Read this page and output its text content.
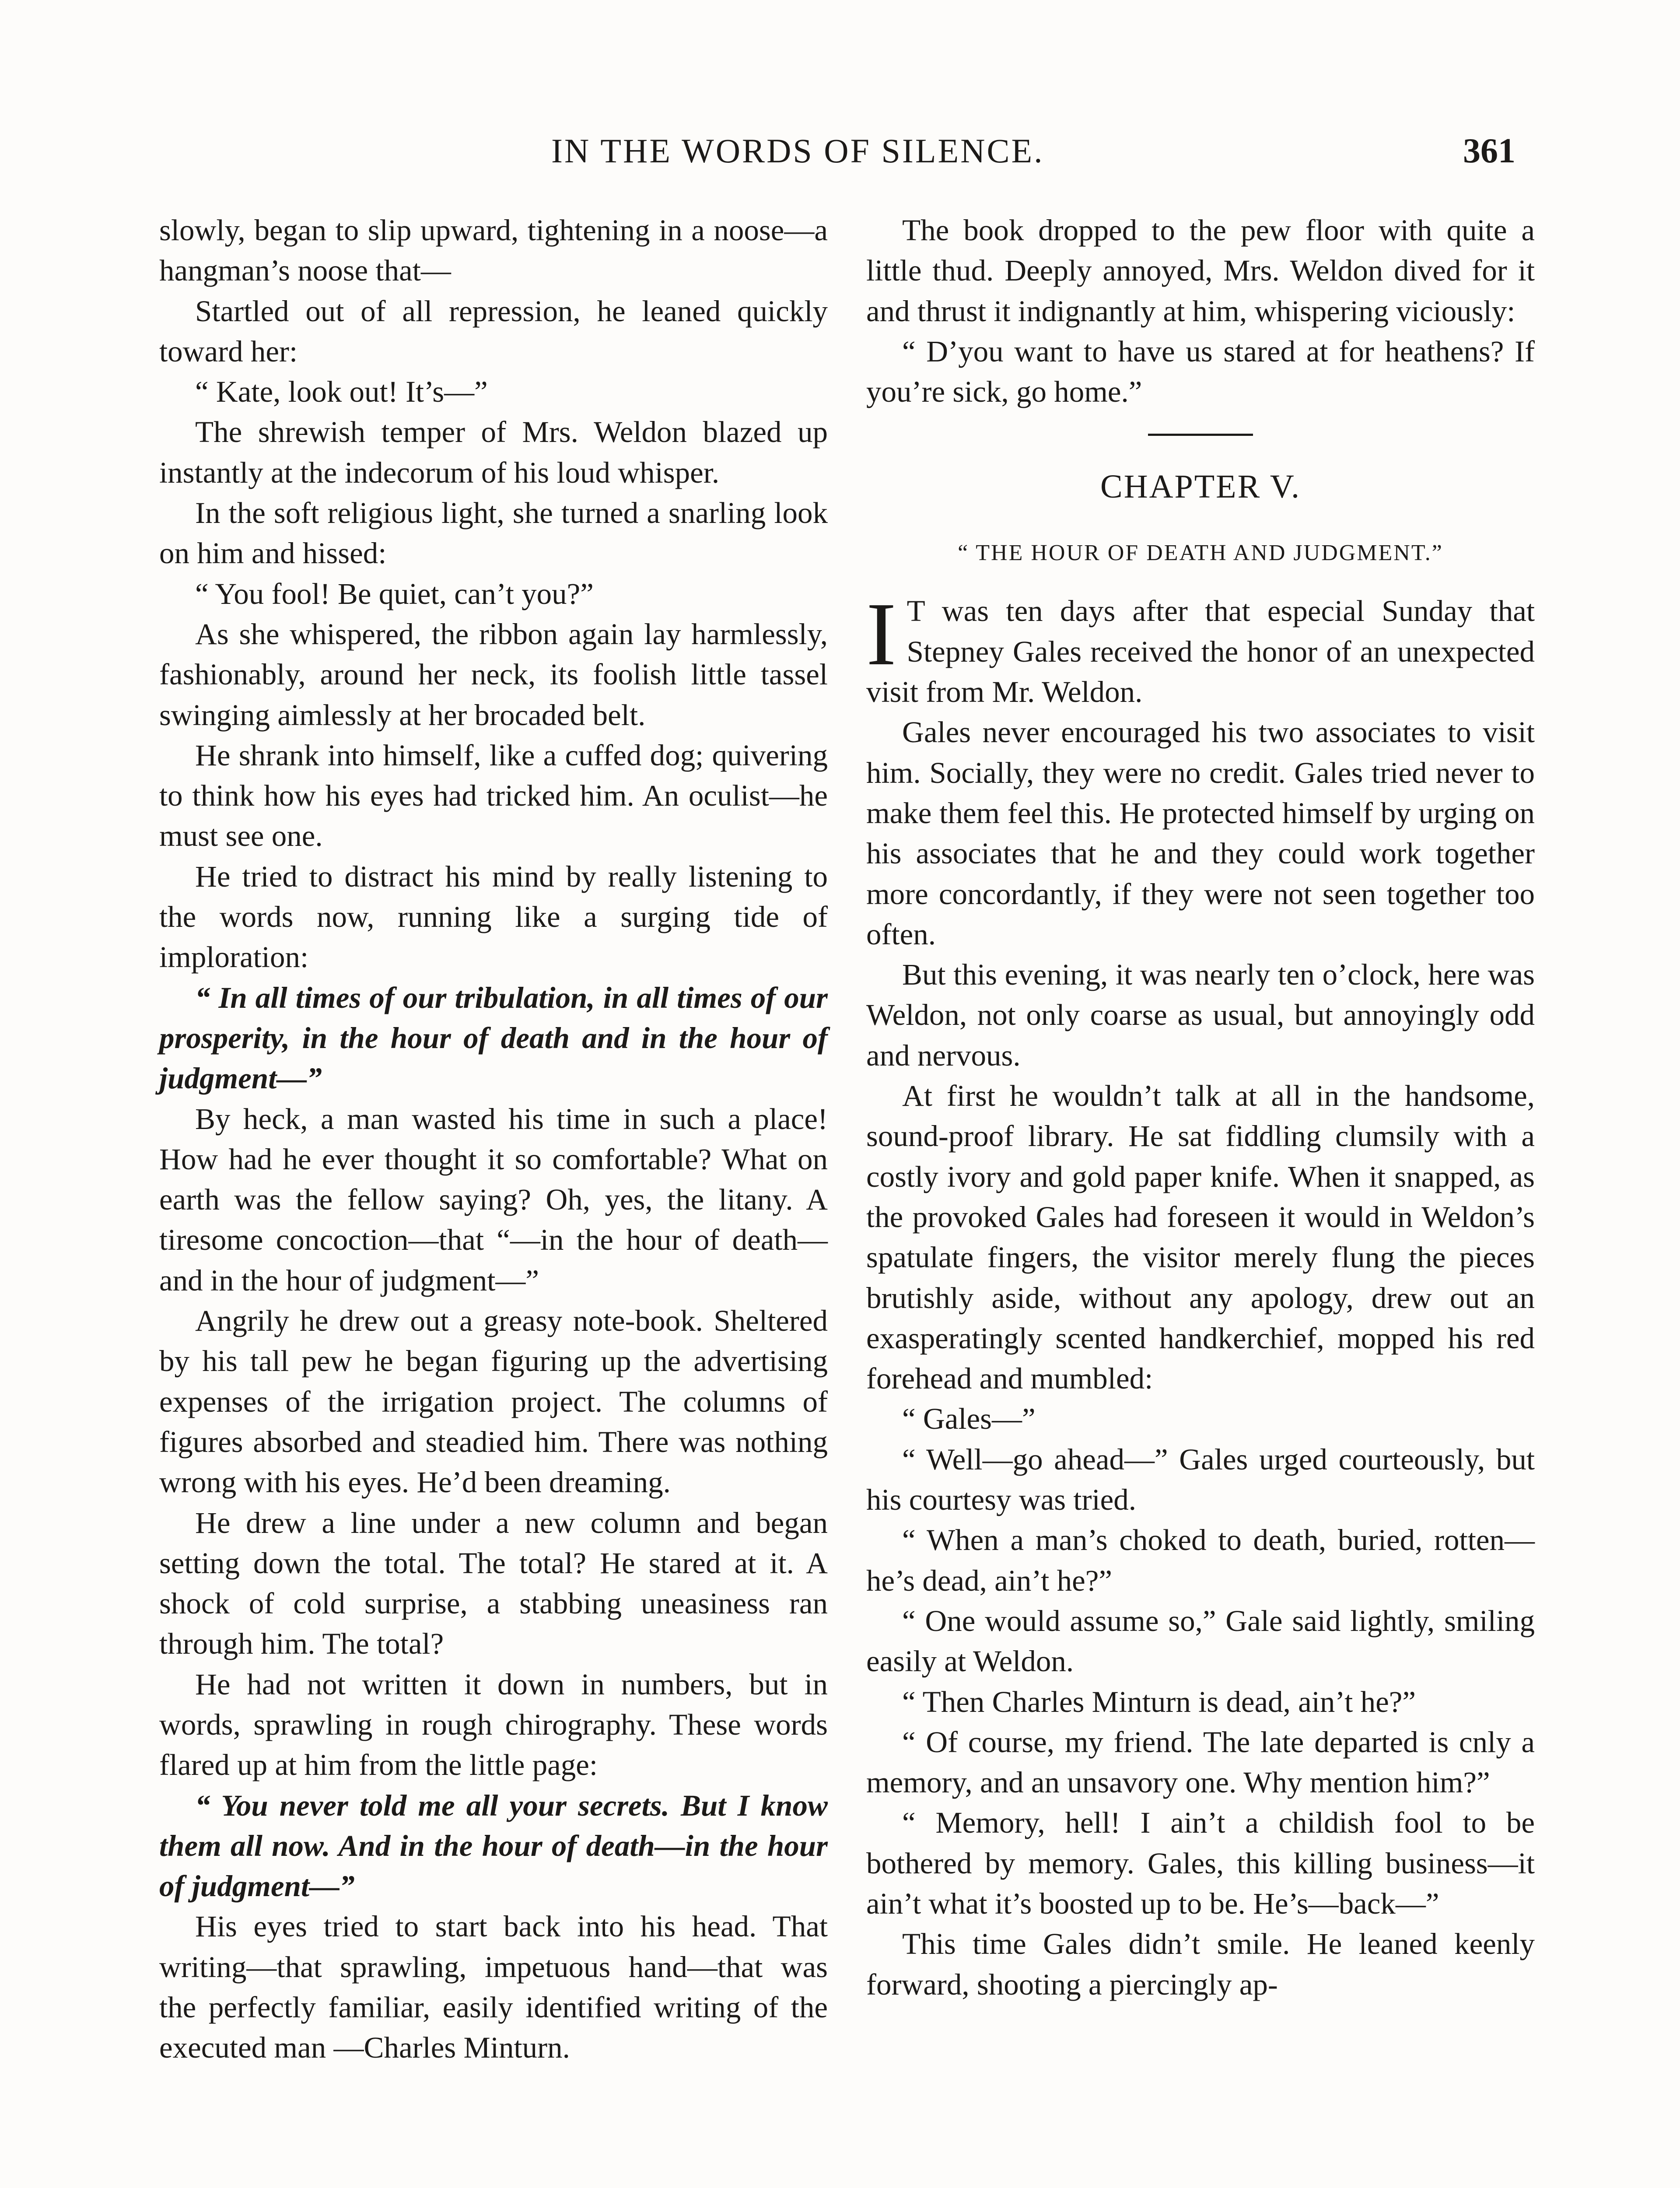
IN THE WORDS OF SILENCE.	361

slowly, began to slip upward, tightening in a noose—a hangman’s noose that—

Startled out of all repression, he leaned quickly toward her:

“ Kate, look out! It’s—”

The shrewish temper of Mrs. Weldon blazed up instantly at the indecorum of his loud whisper.

In the soft religious light, she turned a snarling look on him and hissed:

“ You fool! Be quiet, can’t you?”

As she whispered, the ribbon again lay harmlessly, fashionably, around her neck, its foolish little tassel swinging aimlessly at her brocaded belt.

He shrank into himself, like a cuffed dog; quivering to think how his eyes had tricked him. An oculist—he must see one.

He tried to distract his mind by really listening to the words now, running like a surging tide of imploration:

“ In all times of our tribulation, in all times of our prosperity, in the hour of death and in the hour of judgment—”

By heck, a man wasted his time in such a place! How had he ever thought it so comfortable? What on earth was the fellow saying? Oh, yes, the litany. A tiresome concoction—that “—in the hour of death—and in the hour of judgment—”

Angrily he drew out a greasy note-book. Sheltered by his tall pew he began figuring up the advertising expenses of the irrigation project. The columns of figures absorbed and steadied him. There was nothing wrong with his eyes. He’d been dreaming.

He drew a line under a new column and began setting down the total. The total? He stared at it. A shock of cold surprise, a stabbing uneasiness ran through him. The total?

He had not written it down in numbers, but in words, sprawling in rough chirography. These words flared up at him from the little page:

“ You never told me all your secrets. But I know them all now. And in the hour of death—in the hour of judgment—”

His eyes tried to start back into his head. That writing—that sprawling, impetuous hand—that was the perfectly familiar, easily identified writing of the executed man —Charles Minturn.

The book dropped to the pew floor with quite a little thud. Deeply annoyed, Mrs. Weldon dived for it and thrust it indignantly at him, whispering viciously:

“ D’you want to have us stared at for heathens? If you’re sick, go home.”

CHAPTER V.
“ THE HOUR OF DEATH AND JUDGMENT.”

I T was ten days after that especial Sunday that Stepney Gales received the honor of an unexpected visit from Mr. Weldon.

Gales never encouraged his two associates to visit him. Socially, they were no credit. Gales tried never to make them feel this. He protected himself by urging on his associates that he and they could work together more concordantly, if they were not seen together too often.

But this evening, it was nearly ten o’clock, here was Weldon, not only coarse as usual, but annoyingly odd and nervous.

At first he wouldn’t talk at all in the handsome, sound-proof library. He sat fiddling clumsily with a costly ivory and gold paper knife. When it snapped, as the provoked Gales had foreseen it would in Weldon’s spatulate fingers, the visitor merely flung the pieces brutishly aside, without any apology, drew out an exasperatingly scented handkerchief, mopped his red forehead and mumbled:

“ Gales—”

“ Well—go ahead—” Gales urged courteously, but his courtesy was tried.

“ When a man’s choked to death, buried, rotten—he’s dead, ain’t he?”

“ One would assume so,” Gale said lightly, smiling easily at Weldon.

“ Then Charles Minturn is dead, ain’t he?”

“ Of course, my friend. The late departed is cnly a memory, and an unsavory one. Why mention him?”

“ Memory, hell! I ain’t a childish fool to be bothered by memory. Gales, this killing business—it ain’t what it’s boosted up to be. He’s—back—”

This time Gales didn’t smile. He leaned keenly forward, shooting a piercingly ap-
